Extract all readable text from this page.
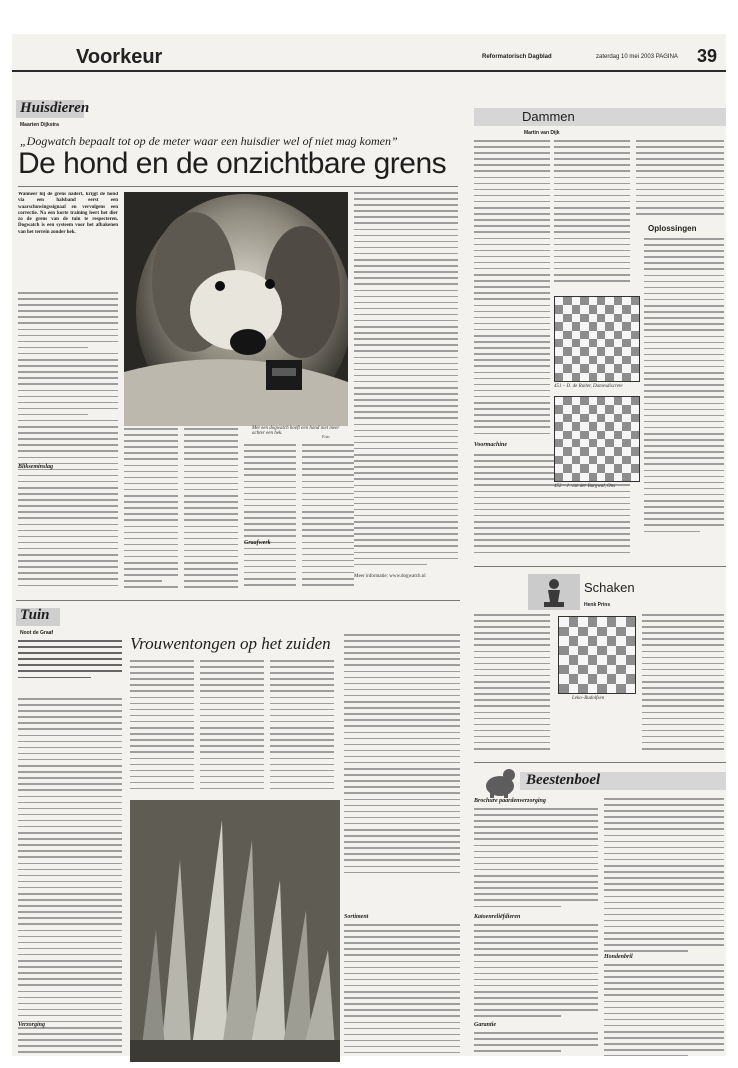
Voorkeur	Reformatorisch Dagblad	zaterdag 10 mei 2003 PAGINA 39
Huisdieren
Maarten Dijkstra
„Dogwatch bepaalt tot op de meter waar een huisdier wel of niet mag komen”
De hond en de onzichtbare grens
Wanneer hij de grens nadert, krijgt de hond via een halsband eerst een waarschuwingssignaal en vervolgens een correctie. Na een korte training leert het dier zo de grens van de tuin te respecteren. Dogwatch is een systeem voor het afbakenen van het terrein zonder hek.
Blikseminslag
Met een dogwatch hoeft een hond niet meer achter een hek.
Foto
Graafwerk
Meer informatie: www.dogwatch.nl
Tuin
Noot de Graaf
Verzorging
Vrouwentongen op het zuiden
Sortiment
Dammen
Martin van Dijk
Voormachine
451 – D. de Ruiter, Damesdiscrete
452 – J. van der Burgwal, Ons
Oplossingen
Schaken
Henk Prins
Leko–Rudolfsen
Beestenboel
Brochure paardenverzorging
Katoenreliëfdieren
Garantie
Hondenbril
